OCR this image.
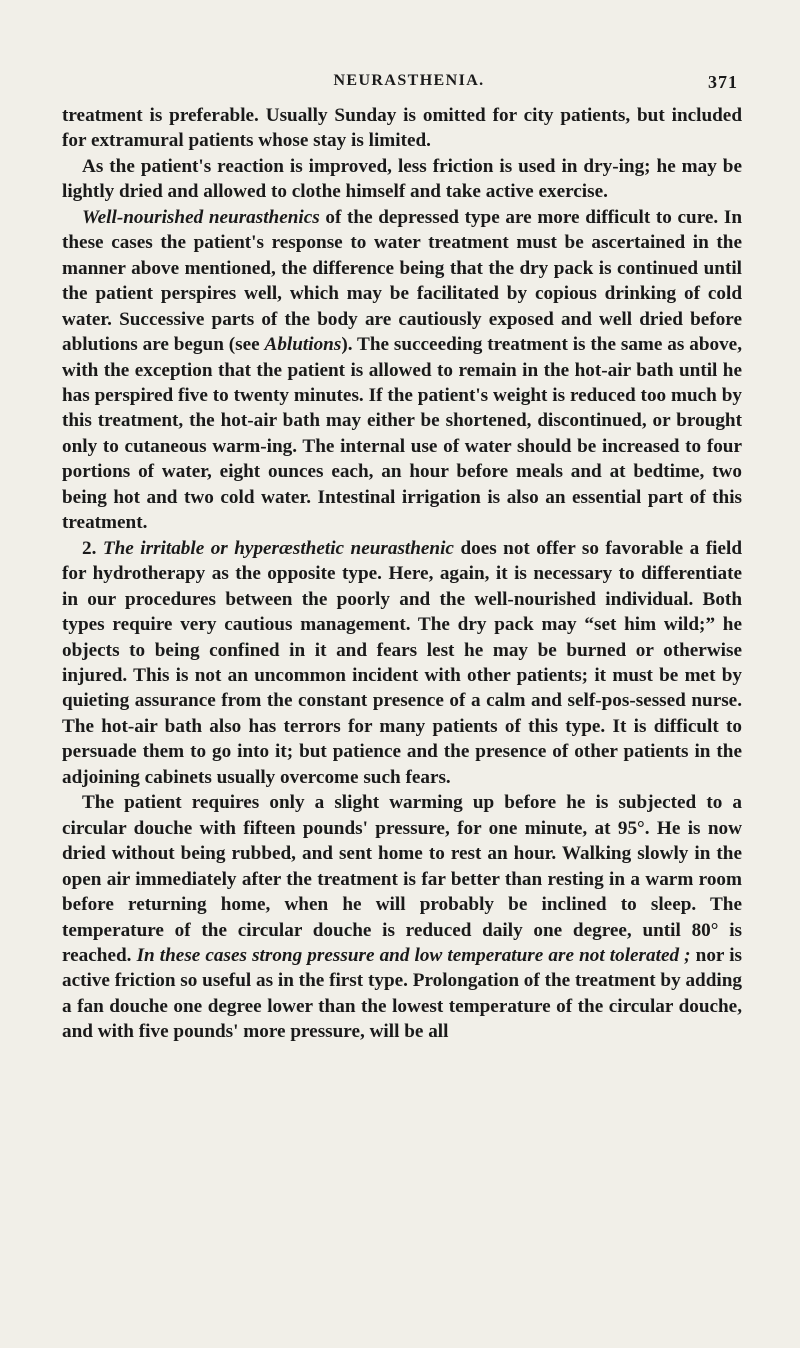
NEURASTHENIA.	371

treatment is preferable. Usually Sunday is omitted for city patients, but included for extramural patients whose stay is limited.

As the patient's reaction is improved, less friction is used in dry-ing; he may be lightly dried and allowed to clothe himself and take active exercise.

Well-nourished neurasthenics of the depressed type are more difficult to cure. In these cases the patient's response to water treatment must be ascertained in the manner above mentioned, the difference being that the dry pack is continued until the patient perspires well, which may be facilitated by copious drinking of cold water. Successive parts of the body are cautiously exposed and well dried before ablutions are begun (see Ablutions). The succeeding treatment is the same as above, with the exception that the patient is allowed to remain in the hot-air bath until he has perspired five to twenty minutes. If the patient's weight is reduced too much by this treatment, the hot-air bath may either be shortened, discontinued, or brought only to cutaneous warm-ing. The internal use of water should be increased to four portions of water, eight ounces each, an hour before meals and at bedtime, two being hot and two cold water. Intestinal irrigation is also an essential part of this treatment.

2. The irritable or hyperæsthetic neurasthenic does not offer so favorable a field for hydrotherapy as the opposite type. Here, again, it is necessary to differentiate in our procedures between the poorly and the well-nourished individual. Both types require very cautious management. The dry pack may “set him wild;” he objects to being confined in it and fears lest he may be burned or otherwise injured. This is not an uncommon incident with other patients; it must be met by quieting assurance from the constant presence of a calm and self-pos-sessed nurse. The hot-air bath also has terrors for many patients of this type. It is difficult to persuade them to go into it; but patience and the presence of other patients in the adjoining cabinets usually overcome such fears.

The patient requires only a slight warming up before he is subjected to a circular douche with fifteen pounds' pressure, for one minute, at 95°. He is now dried without being rubbed, and sent home to rest an hour. Walking slowly in the open air immediately after the treatment is far better than resting in a warm room before returning home, when he will probably be inclined to sleep. The temperature of the circular douche is reduced daily one degree, until 80° is reached. In these cases strong pressure and low temperature are not tolerated ; nor is active friction so useful as in the first type. Prolongation of the treatment by adding a fan douche one degree lower than the lowest temperature of the circular douche, and with five pounds' more pressure, will be all
